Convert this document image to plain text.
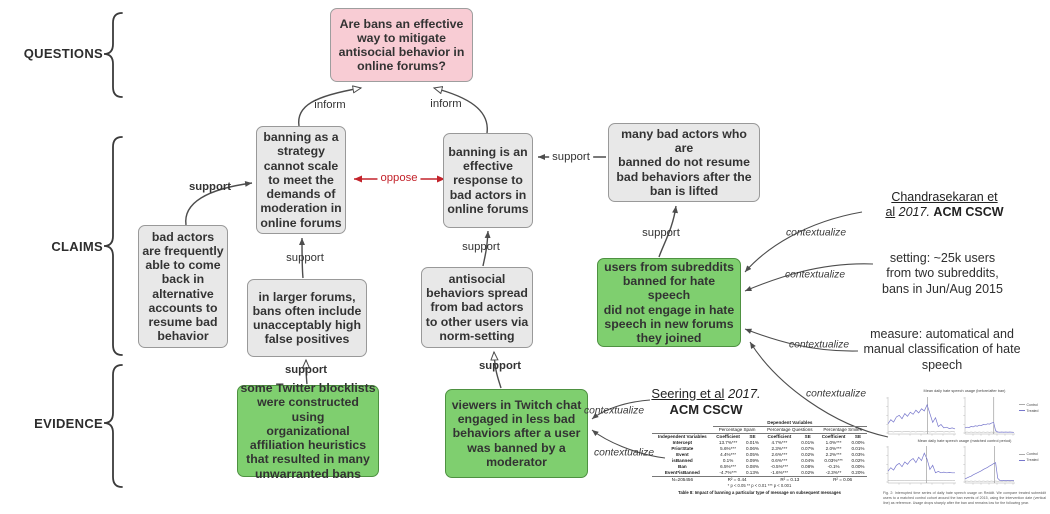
QUESTIONS
CLAIMS
EVIDENCE
Are bans an effective
way to mitigate
antisocial behavior in
online forums?
banning as a
strategy
cannot scale
to meet the
demands of
moderation in
online forums
banning is an
effective
response to
bad actors in
online forums
bad actors
are frequently
able to come
back in
alternative
accounts to
resume bad
behavior
in larger forums,
bans often include
unacceptably high
false positives
antisocial
behaviors spread
from bad actors
to other users via
norm-setting
many bad actors who are
banned do not resume
bad behaviors after the
ban is lifted
some Twitter blocklists
were constructed using
organizational
affiliation heuristics
that resulted in many
unwarranted bans
viewers in Twitch chat
engaged in less bad
behaviors after a user
was banned by a
moderator
users from subreddits
banned for hate speech
did not engage in hate
speech in new forums
they joined
inform	inform
support
support
support
support
support
support
support
oppose
contextualize
contextualize
contextualize
contextualize
contextualize
contextualize
Chandrasekaran et
al 2017. ACM CSCW
Seering et al 2017.
ACM CSCW
setting: ~25k users
from two subreddits,
bans in Jun/Aug 2015
measure: automatical and
manual classification of hate
speech
	Dependent Variables					
	Percentage Spam		Percentage Questions		Percentage Smiles	
Independent Variables	Coefficient	SE	Coefficient	SE	Coefficient	SE
Intercept	13.7%***	0.01%	4.7%***	0.01%	1.0%***	0.00%
PriorState	5.6%***	0.06%	2.3%***	0.07%	2.0%***	0.01%
Event	4.4%***	0.05%	2.6%***	0.02%	2.2%***	0.03%
isBanned	0.1%	0.09%	0.6%***	0.04%	0.03%***	0.02%
Ban	6.5%***	0.08%	-0.5%***	0.08%	-0.1%	0.00%
Event*isBanned	-4.7%***	0.13%	-1.6%***	0.02%	-2.3%**	0.20%
N=205456	R² = 0.44		R² = 0.13		R² = 0.06	
* p < 0.05 ** p < 0.01 *** p < 0.001						
Table 8: Impact of banning a particular type of message on subsequent messages
Mean daily hate speech usage (before/after ban)
Control
Treated
Mean daily hate speech usage (matched control period)
Control
Treated
Fig. 2: Interrupted time series of daily hate speech usage on Reddit. We compare treated subreddit users to a matched control cohort around the ban events of 2015, using the intervention date (vertical line) as reference. Usage drops sharply after the ban and remains low for the following year.
